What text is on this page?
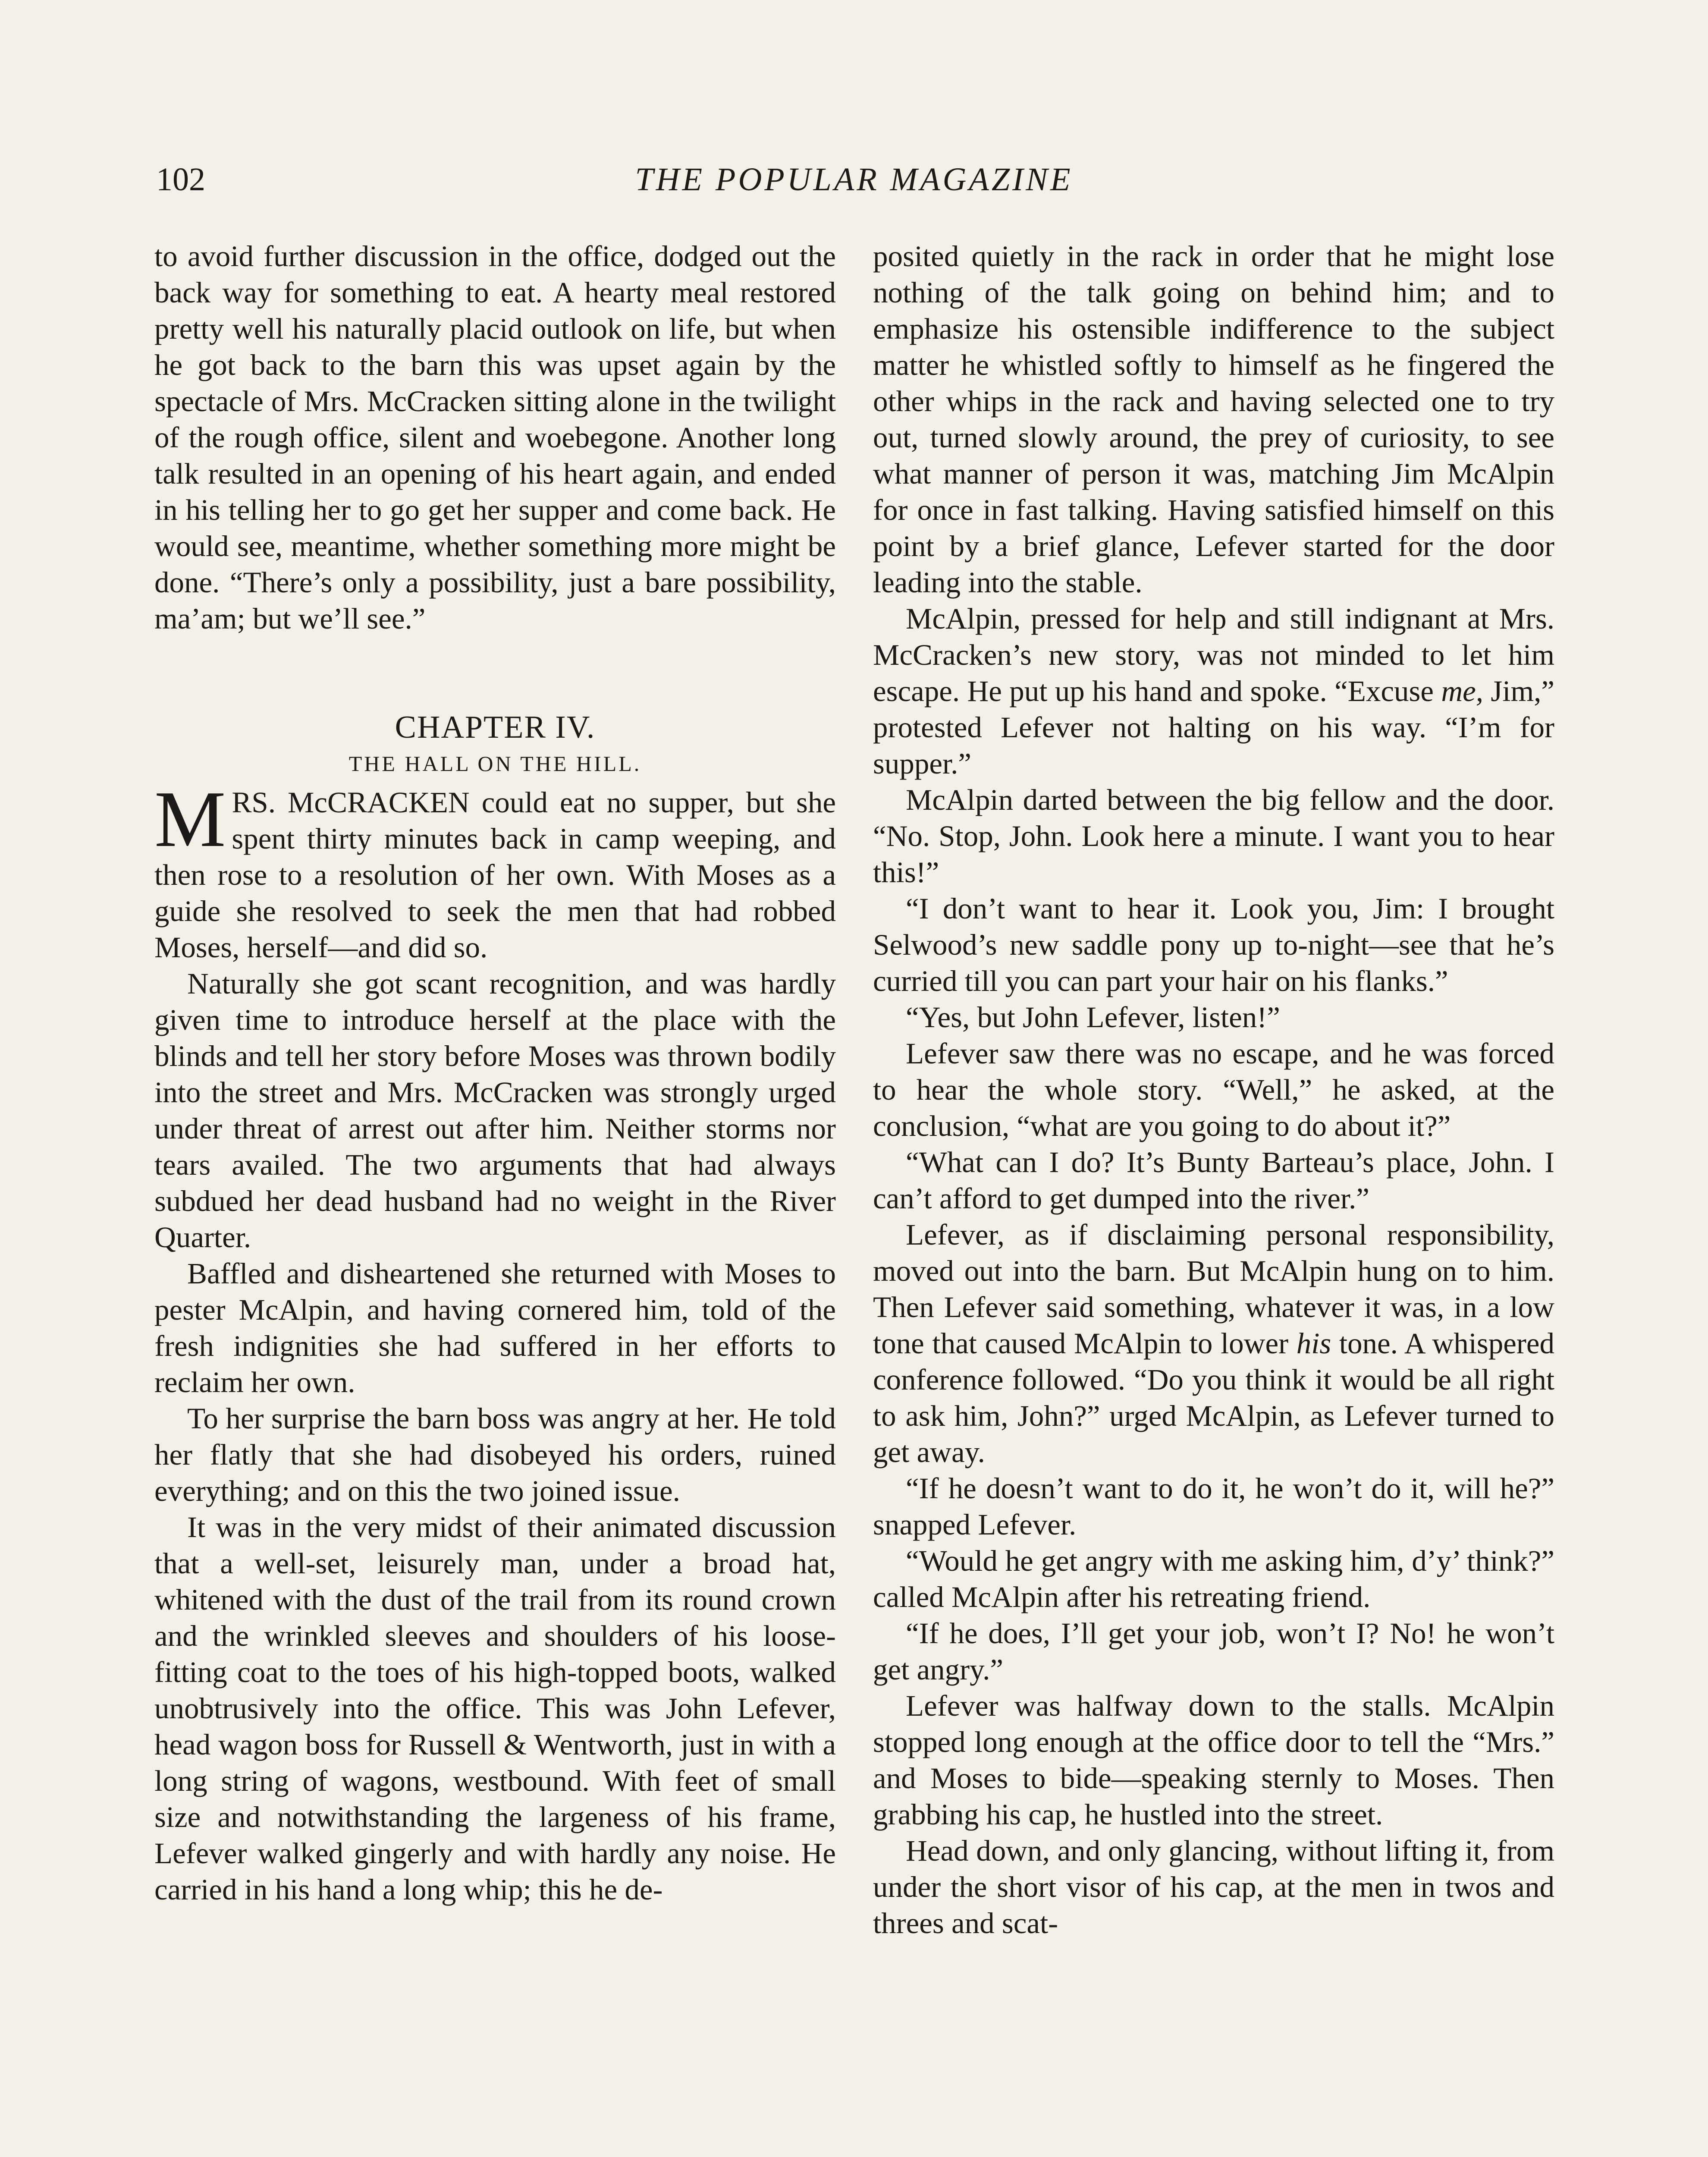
102	THE POPULAR MAGAZINE

to avoid further discussion in the office, dodged out the back way for something to eat. A hearty meal restored pretty well his naturally placid outlook on life, but when he got back to the barn this was upset again by the spectacle of Mrs. McCracken sitting alone in the twilight of the rough office, silent and woebegone. Another long talk resulted in an opening of his heart again, and ended in his telling her to go get her supper and come back. He would see, meantime, whether something more might be done. “There’s only a possibility, just a bare possibility, ma’am; but we’ll see.”

CHAPTER IV.
THE HALL ON THE HILL.

MRS. McCRACKEN could eat no supper, but she spent thirty minutes back in camp weeping, and then rose to a resolution of her own. With Moses as a guide she resolved to seek the men that had robbed Moses, herself—and did so.

Naturally she got scant recognition, and was hardly given time to introduce herself at the place with the blinds and tell her story before Moses was thrown bodily into the street and Mrs. McCracken was strongly urged under threat of arrest out after him. Neither storms nor tears availed. The two arguments that had always subdued her dead husband had no weight in the River Quarter.

Baffled and disheartened she returned with Moses to pester McAlpin, and having cornered him, told of the fresh indignities she had suffered in her efforts to reclaim her own.

To her surprise the barn boss was angry at her. He told her flatly that she had disobeyed his orders, ruined everything; and on this the two joined issue.

It was in the very midst of their animated discussion that a well-set, leisurely man, under a broad hat, whitened with the dust of the trail from its round crown and the wrinkled sleeves and shoulders of his loose-fitting coat to the toes of his high-topped boots, walked unobtrusively into the office. This was John Lefever, head wagon boss for Russell & Wentworth, just in with a long string of wagons, westbound. With feet of small size and notwithstanding the largeness of his frame, Lefever walked gingerly and with hardly any noise. He carried in his hand a long whip; this he de-

posited quietly in the rack in order that he might lose nothing of the talk going on behind him; and to emphasize his ostensible indifference to the subject matter he whistled softly to himself as he fingered the other whips in the rack and having selected one to try out, turned slowly around, the prey of curiosity, to see what manner of person it was, matching Jim McAlpin for once in fast talking. Having satisfied himself on this point by a brief glance, Lefever started for the door leading into the stable.

McAlpin, pressed for help and still indignant at Mrs. McCracken’s new story, was not minded to let him escape. He put up his hand and spoke. “Excuse me, Jim,” protested Lefever not halting on his way. “I’m for supper.”

McAlpin darted between the big fellow and the door. “No. Stop, John. Look here a minute. I want you to hear this!”

“I don’t want to hear it. Look you, Jim: I brought Selwood’s new saddle pony up to-night—see that he’s curried till you can part your hair on his flanks.”

“Yes, but John Lefever, listen!”

Lefever saw there was no escape, and he was forced to hear the whole story. “Well,” he asked, at the conclusion, “what are you going to do about it?”

“What can I do? It’s Bunty Barteau’s place, John. I can’t afford to get dumped into the river.”

Lefever, as if disclaiming personal responsibility, moved out into the barn. But McAlpin hung on to him. Then Lefever said something, whatever it was, in a low tone that caused McAlpin to lower his tone. A whispered conference followed. “Do you think it would be all right to ask him, John?” urged McAlpin, as Lefever turned to get away.

“If he doesn’t want to do it, he won’t do it, will he?” snapped Lefever.

“Would he get angry with me asking him, d’y’ think?” called McAlpin after his retreating friend.

“If he does, I’ll get your job, won’t I? No! he won’t get angry.”

Lefever was halfway down to the stalls. McAlpin stopped long enough at the office door to tell the “Mrs.” and Moses to bide—speaking sternly to Moses. Then grabbing his cap, he hustled into the street.

Head down, and only glancing, without lifting it, from under the short visor of his cap, at the men in twos and threes and scat-
